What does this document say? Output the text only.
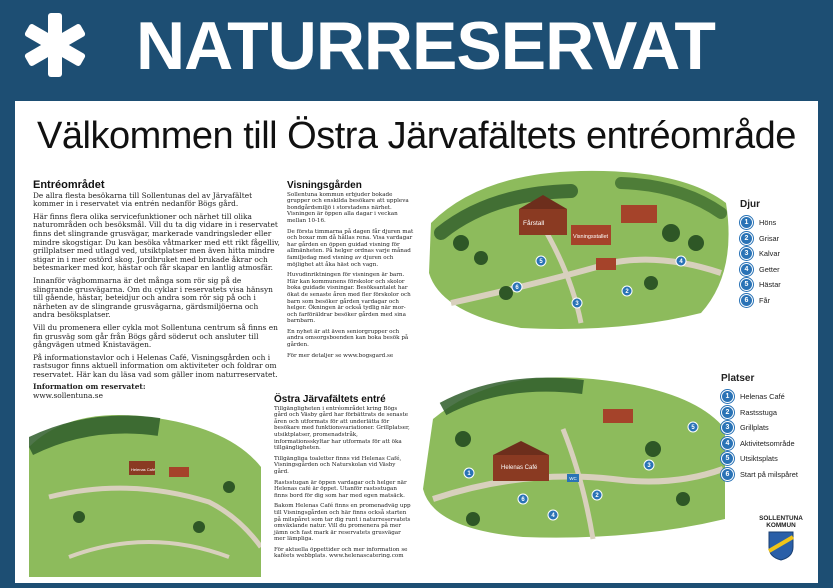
NATURRESERVAT
Välkommen till Östra Järvafältets entréområde
Entréområdet

De allra flesta besökarna till Sollentunas del av Järvafältet kommer in i reservatet via entrén nedanför Bögs gård.

Här finns flera olika servicefunktioner och närhet till olika naturområden och besöksmål. Vill du ta dig vidare in i reservatet finns det slingrande grusvägar, markerade vandringsleder eller mindre skogstigar. Du kan besöka våtmarker med ett rikt fågelliv, grillplatser med utlagd ved, utsiktplatser men även hitta mindre stigar in i mer ostörd skog. Jordbruket med brukade åkrar och betesmarker med kor, hästar och får skapar en lantlig atmosfär.

Innanför vägbommarna är det många som rör sig på de slingrande grusvägarna. Om du cyklar i reservatets visa hänsyn till gående, hästar, beteidjur och andra som rör sig på och i närheten av de slingrande grusvägarna, gärdsmiljöerna och andra besöksplatser.

Vill du promenera eller cykla mot Sollentuna centrum så finns en fin grusväg som går från Bögs gård söderut och ansluter till gångvägen utmed Knistavägen.

På informationstavlor och i Helenas Café, Visningsgården och i rastsugor finns aktuell information om aktiviteter och foldrar om reservatet. Här kan du läsa vad som gäller inom naturreservatet.

Information om reservatet:
www.sollentuna.se
Visningsgården

Sollentuna kommun erbjuder bokade grupper och enskilda besökare att uppleva bondgårdsmiljö i storstadens närhet. Visningen är öppen alla dagar i veckan mellan 10-16.

De första timmarna på dagen får djuren mat och boxar mm då hållas rena. Visa vardagar har gården en öppen guidad visning för allmänheten. På helger ordnas varje månad familjedag med visning av djuren och möjlighet att åka häst och vagn.

Huvudinriktningen för visningen är barn. Här kan kommunens förskolor och skolor boka guidade visningar. Besöksantalet har ökat de senaste åren med fler förskolor och barn som besöker gården vardagar och helger. Ökningen är också tydlig när mor- och farföräldrar besöker gården med sina barnbarn.

En nyhet är att även seniorgrupper och andra omsorgsboenden kan boka besök på gården.

För mer detaljer se www.bogsgard.se

Östra Järvafältets entré

Tillgängligheten i entréområdet kring Bögs gård och Väsby gård har förbättrats de senaste åren och utformats för att underlätta för besökare med funktionsvariationer. Grillplatser, utsiktplatser, promenadstråk, informationsskyltar har utformats för att öka tillgängligheten.

Tillgängliga toaletter finns vid Helenas Café, Visningsgården och Naturskolan vid Väsby gård.

Rastsstugan är öppen vardagar och helger när Helenas café är öppet. Utanför rastsstugan finns bord för dig som har med egen matsäck.

Bakom Helenas Café finns en promenadväg upp till Visningsgården och här finns också starten på milspåret som tar dig runt i naturreservatets omväxlande natur. Vill du promenera på mer jämn och fast mark är reservatets grusvägar mer lämpliga.

För aktuella öppettider och mer information se kaféets webbplats. www.helenascatering.com

Fårstall
Visningsstallet
6
3
2
5	4
Helenas Café	Helenas Café
WC
1
2
3
4
5
6
Djur
1	Höns
2	Grisar
3	Kalvar
4	Getter
5	Hästar
6	Får
Platser
1	Helenas Café
2	Rastsstuga
3	Grillplats
4	Aktivitetsområde
5	Utsiktsplats
6	Start på milspåret
SOLLENTUNA
KOMMUN
